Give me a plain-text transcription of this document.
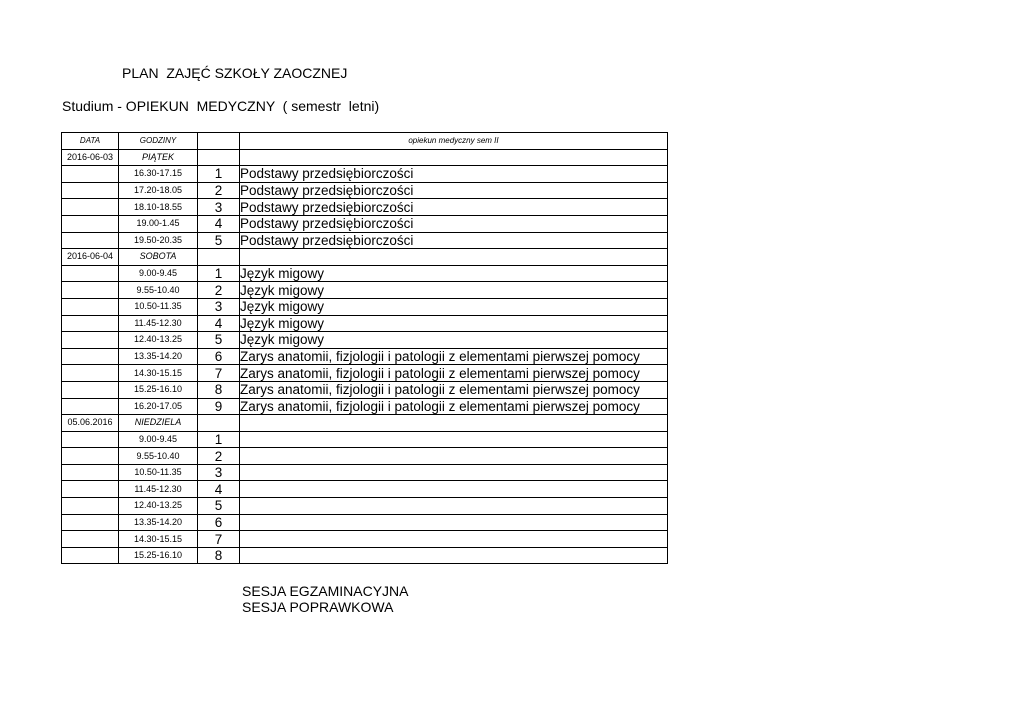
PLAN  ZAJĘĆ SZKOŁY ZAOCZNEJ
Studium - OPIEKUN  MEDYCZNY  ( semestr  letni)
DATA	GODZINY		opiekun medyczny sem II
2016-06-03	PIĄTEK		
	16.30-17.15	1	Podstawy przedsiębiorczości
	17.20-18.05	2	Podstawy przedsiębiorczości
	18.10-18.55	3	Podstawy przedsiębiorczości
	19.00-1.45	4	Podstawy przedsiębiorczości
	19.50-20.35	5	Podstawy przedsiębiorczości
2016-06-04	SOBOTA		
	9.00-9.45	1	Język migowy
	9.55-10.40	2	Język migowy
	10.50-11.35	3	Język migowy
	11.45-12.30	4	Język migowy
	12.40-13.25	5	Język migowy
	13.35-14.20	6	Zarys anatomii, fizjologii i patologii z elementami pierwszej pomocy
	14.30-15.15	7	Zarys anatomii, fizjologii i patologii z elementami pierwszej pomocy
	15.25-16.10	8	Zarys anatomii, fizjologii i patologii z elementami pierwszej pomocy
	16.20-17.05	9	Zarys anatomii, fizjologii i patologii z elementami pierwszej pomocy
05.06.2016	NIEDZIELA		
	9.00-9.45	1	
	9.55-10.40	2	
	10.50-11.35	3	
	11.45-12.30	4	
	12.40-13.25	5	
	13.35-14.20	6	
	14.30-15.15	7	
	15.25-16.10	8	
SESJA EGZAMINACYJNA
SESJA POPRAWKOWA
